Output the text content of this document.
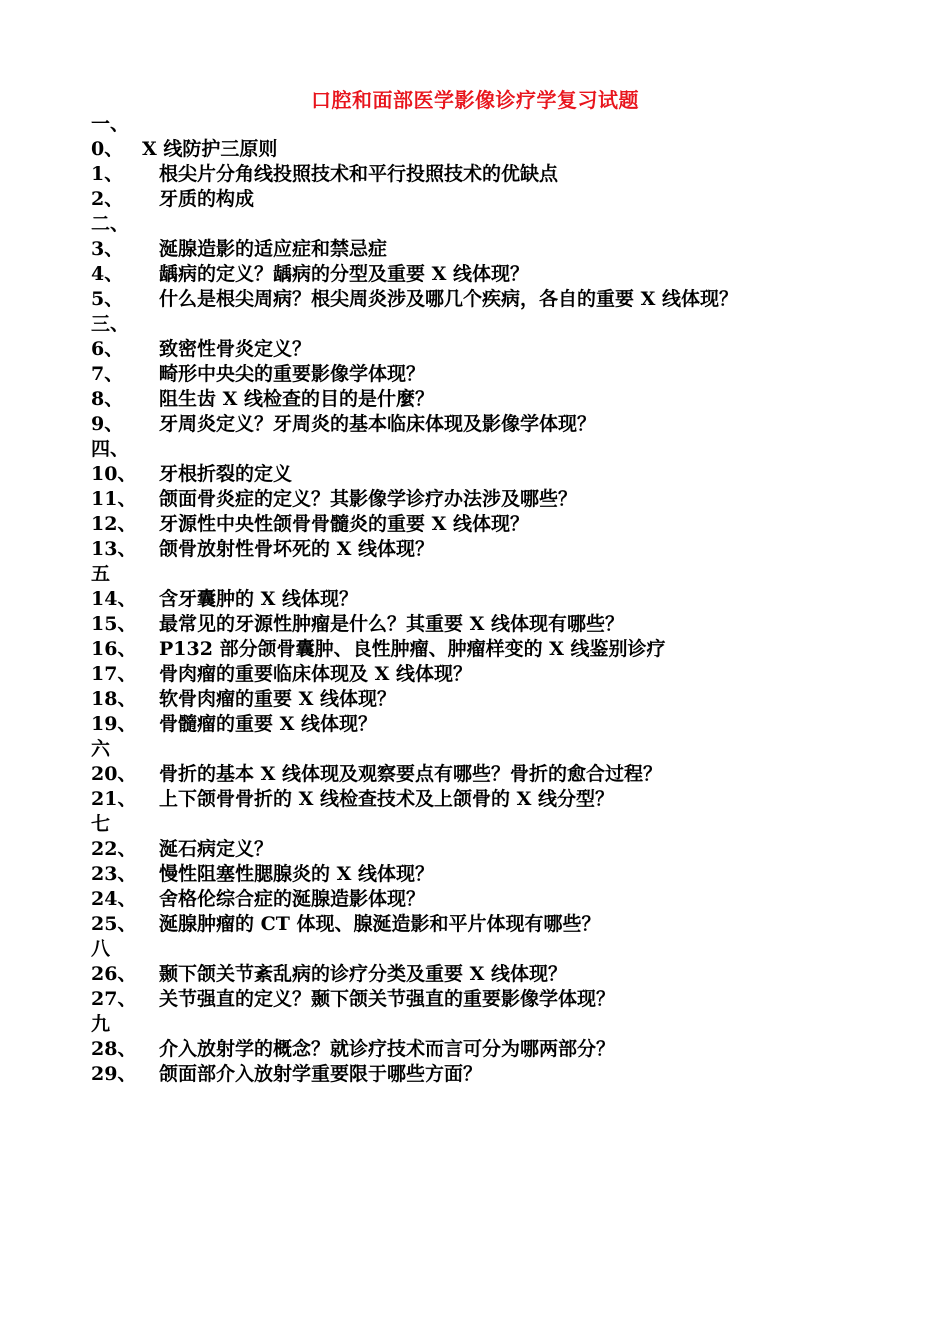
口腔和面部医学影像诊疗学复习试题
一、
0、 X 线防护三原则
1、 根尖片分角线投照技术和平行投照技术的优缺点
2、 牙质的构成
二、
3、 涎腺造影的适应症和禁忌症
4、 龋病的定义？龋病的分型及重要 X 线体现？
5、 什么是根尖周病？根尖周炎涉及哪几个疾病，各自的重要 X 线体现？
三、
6、 致密性骨炎定义？
7、 畸形中央尖的重要影像学体现？
8、 阻生齿 X 线检查的目的是什麼？
9、 牙周炎定义？牙周炎的基本临床体现及影像学体现？
四、
10、 牙根折裂的定义
11、 颌面骨炎症的定义？其影像学诊疗办法涉及哪些？
12、 牙源性中央性颌骨骨髓炎的重要 X 线体现？
13、 颌骨放射性骨坏死的 X 线体现？
五
14、 含牙囊肿的 X 线体现？
15、 最常见的牙源性肿瘤是什么？其重要 X 线体现有哪些？
16、 P132 部分颌骨囊肿、良性肿瘤、肿瘤样变的 X 线鉴别诊疗
17、 骨肉瘤的重要临床体现及 X 线体现？
18、 软骨肉瘤的重要 X 线体现？
19、 骨髓瘤的重要 X 线体现？
六
20、 骨折的基本 X 线体现及观察要点有哪些？骨折的愈合过程？
21、 上下颌骨骨折的 X 线检查技术及上颌骨的 X 线分型？
七
22、 涎石病定义？
23、 慢性阻塞性腮腺炎的 X 线体现？
24、 舍格伦综合症的涎腺造影体现？
25、 涎腺肿瘤的 CT 体现、腺涎造影和平片体现有哪些？
八
26、 颞下颌关节紊乱病的诊疗分类及重要 X 线体现？
27、 关节强直的定义？颞下颌关节强直的重要影像学体现？
九
28、 介入放射学的概念？就诊疗技术而言可分为哪两部分？
29、 颌面部介入放射学重要限于哪些方面？
